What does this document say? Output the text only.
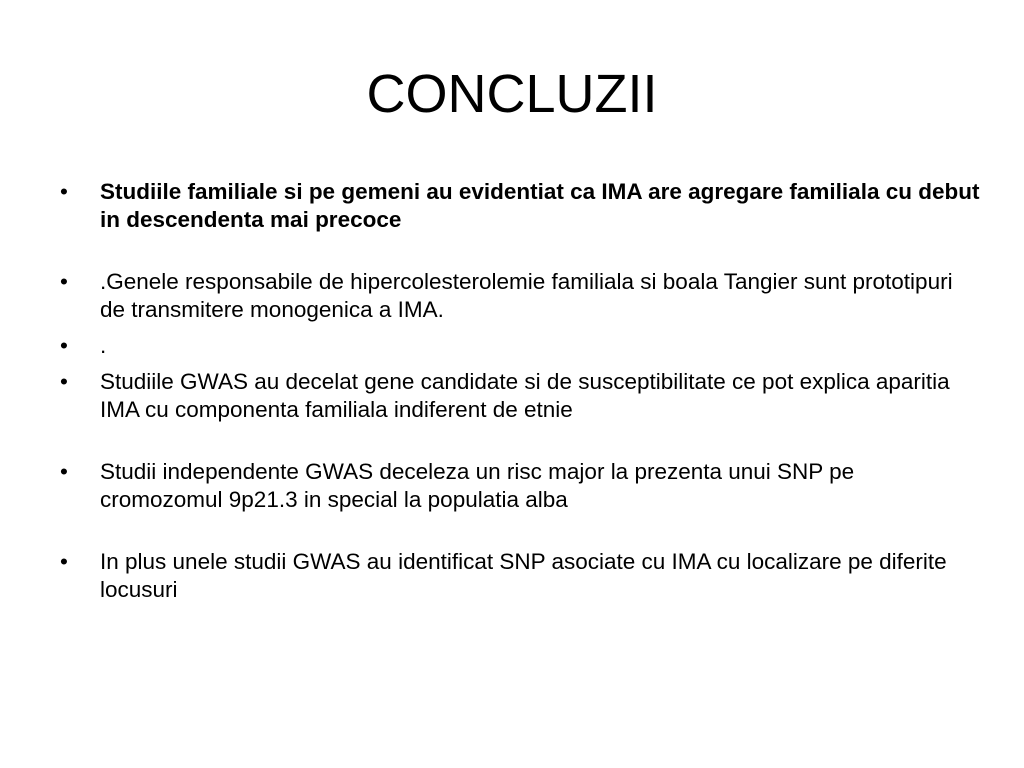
CONCLUZII
•	Studiile familiale si pe gemeni au evidentiat ca IMA are agregare familiala cu debut in descendenta mai precoce
•	.Genele responsabile de hipercolesterolemie familiala si boala Tangier sunt prototipuri de transmitere monogenica a IMA.
•	.
•	Studiile GWAS au decelat gene candidate si de susceptibilitate ce pot explica aparitia IMA cu componenta familiala indiferent de etnie
•	Studii independente GWAS deceleza un risc major la prezenta unui SNP pe cromozomul 9p21.3 in special la populatia alba
•	In plus unele studii GWAS au identificat SNP asociate cu IMA cu localizare pe diferite locusuri
